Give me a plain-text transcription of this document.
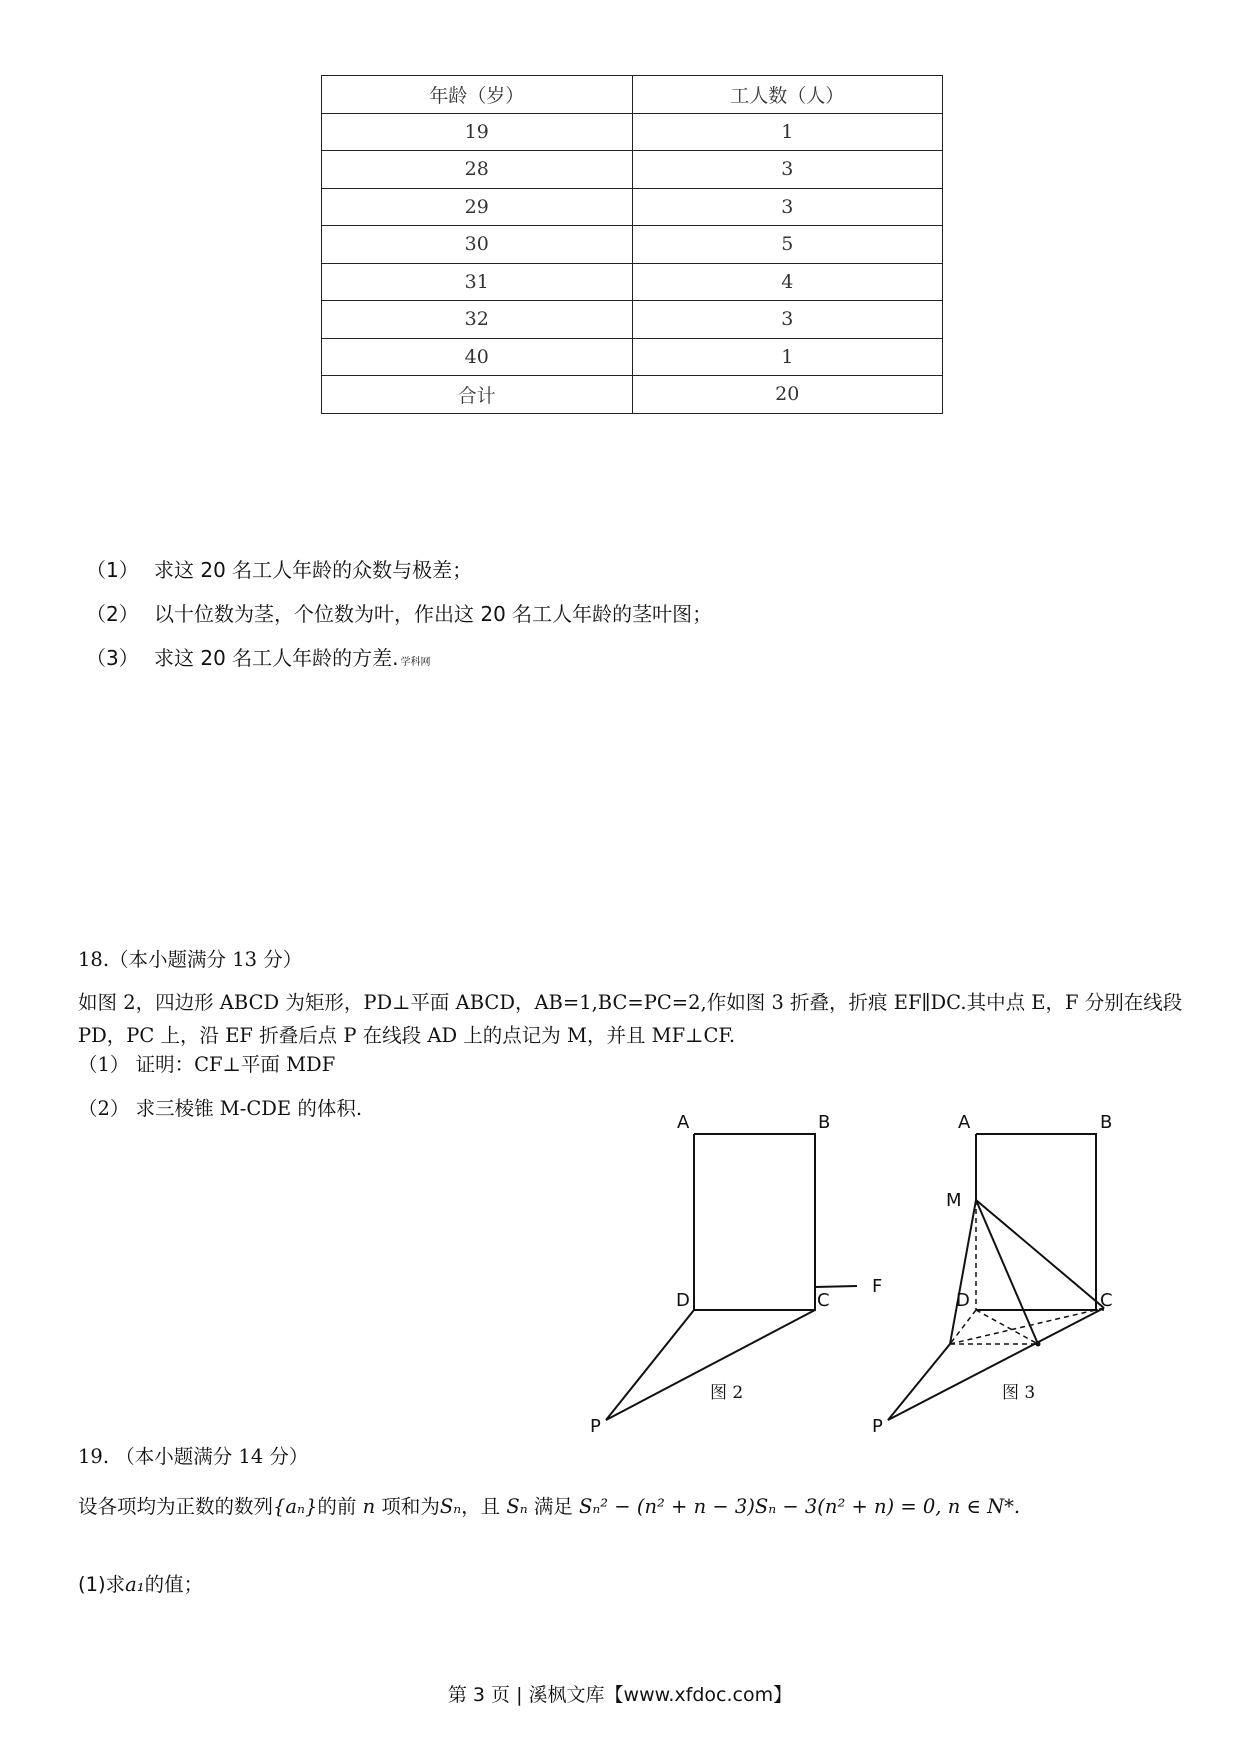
年龄（岁）	工人数（人）
19	1
28	3
29	3
30	5
31	4
32	3
40	1
合计	20
（1） 求这 20 名工人年龄的众数与极差；
（2） 以十位数为茎，个位数为叶，作出这 20 名工人年龄的茎叶图；
（3） 求这 20 名工人年龄的方差. 学科网
18.（本小题满分 13 分）
如图 2，四边形 ABCD 为矩形，PD⊥平面 ABCD，AB=1,BC=PC=2,作如图 3 折叠，折痕 EF∥DC.其中点 E，F 分别在线段
PD，PC 上，沿 EF 折叠后点 P 在线段 AD 上的点记为 M，并且 MF⊥CF.
（1） 证明：CF⊥平面 MDF
（2） 求三棱锥 M-CDE 的体积.
A	B
D	C
F
P
图 2
A	B
M
D	C
P
图 3
19. （本小题满分 14 分）
设各项均为正数的数列{aₙ}的前 n 项和为Sₙ，且 Sₙ 满足 Sₙ² − (n² + n − 3)Sₙ − 3(n² + n) = 0, n ∈ N*.
(1)求a₁的值；
第 3 页 | 溪枫文库【www.xfdoc.com】
